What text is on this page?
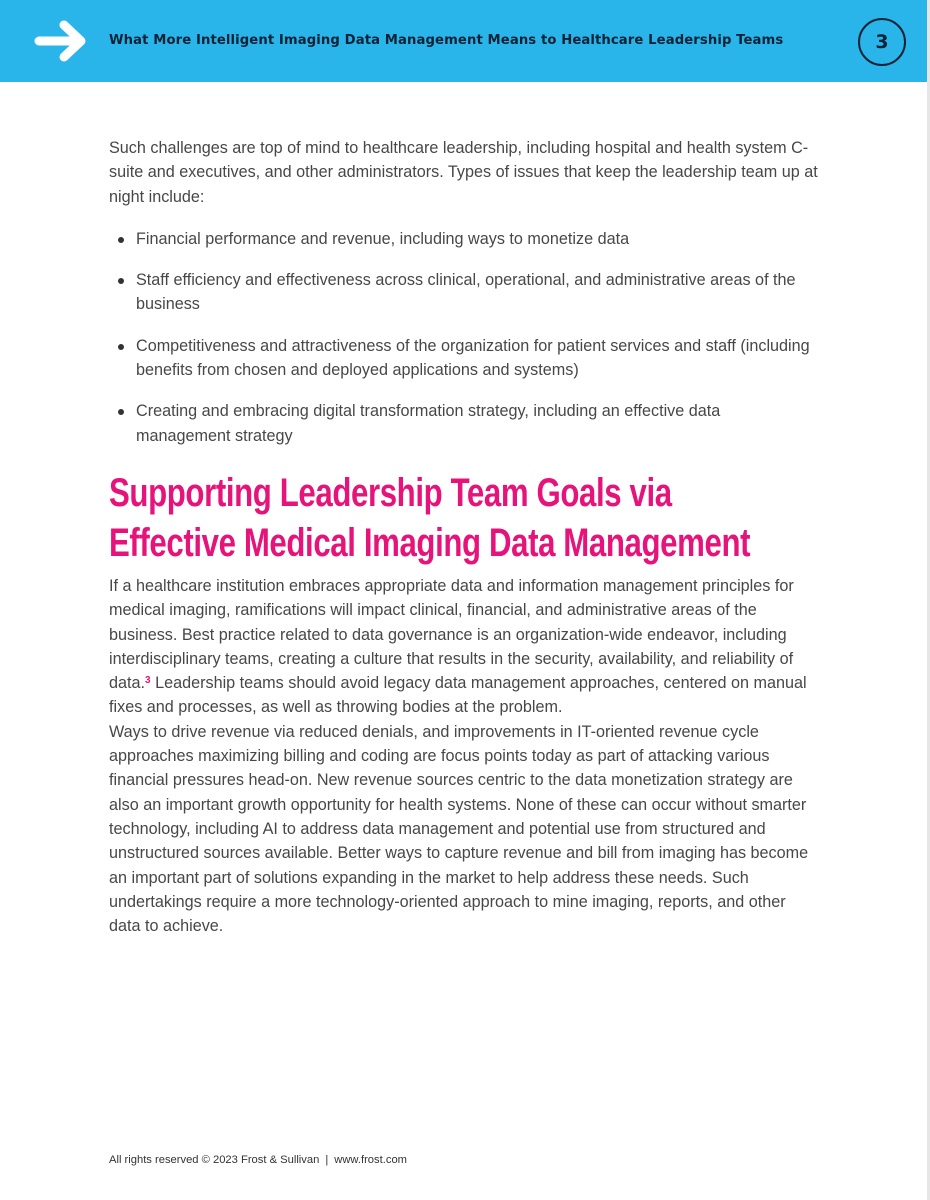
What More Intelligent Imaging Data Management Means to Healthcare Leadership Teams	3

Such challenges are top of mind to healthcare leadership, including hospital and health system C-suite and executives, and other administrators. Types of issues that keep the leadership team up at night include:

Financial performance and revenue, including ways to monetize data
Staff efficiency and effectiveness across clinical, operational, and administrative areas of the business
Competitiveness and attractiveness of the organization for patient services and staff (including benefits from chosen and deployed applications and systems)
Creating and embracing digital transformation strategy, including an effective data management strategy
Supporting Leadership Team Goals via
Effective Medical Imaging Data Management

If a healthcare institution embraces appropriate data and information management principles for medical imaging, ramifications will impact clinical, financial, and administrative areas of the business. Best practice related to data governance is an organization-wide endeavor, including interdisciplinary teams, creating a culture that results in the security, availability, and reliability of data.$^3$ Leadership teams should avoid legacy data management approaches, centered on manual fixes and processes, as well as throwing bodies at the problem.

Ways to drive revenue via reduced denials, and improvements in IT-oriented revenue cycle approaches maximizing billing and coding are focus points today as part of attacking various financial pressures head-on. New revenue sources centric to the data monetization strategy are also an important growth opportunity for health systems. None of these can occur without smarter technology, including AI to address data management and potential use from structured and unstructured sources available. Better ways to capture revenue and bill from imaging has become an important part of solutions expanding in the market to help address these needs. Such undertakings require a more technology-oriented approach to mine imaging, reports, and other data to achieve.

All rights reserved © 2023 Frost & Sullivan | www.frost.com
